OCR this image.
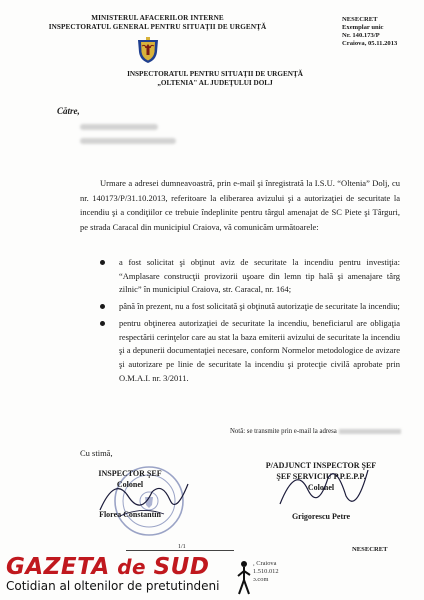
MINISTERUL AFACERILOR INTERNE
INSPECTORATUL GENERAL PENTRU SITUAŢII DE URGENŢĂ
NESECRET
Exemplar unic
Nr. 140.173/P
Craiova, 05.11.2013
INSPECTORATUL PENTRU SITUAŢII DE URGENŢĂ
„OLTENIA" AL JUDEŢULUI DOLJ
Către,
Urmare a adresei dumneavoastră, prin e-mail şi înregistrată la I.S.U. “Oltenia” Dolj, cu nr. 140173/P/31.10.2013, referitoare la eliberarea avizului şi a autorizaţiei de securitate la incendiu şi a condiţiilor ce trebuie îndeplinite pentru târgul amenajat de SC Piete şi Târguri, pe strada Caracal din municipiul Craiova, vă comunicăm următoarele:
a fost solicitat şi obţinut aviz de securitate la incendiu pentru investiţia: “Amplasare construcţii provizorii uşoare din lemn tip hală şi amenajare târg zilnic” în municipiul Craiova, str. Caracal, nr. 164;
până în prezent, nu a fost solicitată şi obţinută autorizaţie de securitate la incendiu;
pentru obţinerea autorizaţiei de securitate la incendiu, beneficiarul are obligaţia respectării cerinţelor care au stat la baza emiterii avizului de securitate la incendiu şi a depunerii documentaţiei necesare, conform Normelor metodologice de avizare şi autorizare pe linie de securitate la incendiu şi protecţie civilă aprobate prin O.M.A.I. nr. 3/2011.
Notă: se transmite prin e-mail la adresa
Cu stimă,
INSPECTOR ŞEF
Colonel
Florea Constantin
P/ADJUNCT INSPECTOR ŞEF
ŞEF SERVICIU P.P.E.P.P.
Colonel
Grigorescu Petre
1/1	NESECRET
, Craiova
1.510.012
ɔ.com
GAZETA de SUD
Cotidian al oltenilor de pretutindeni
